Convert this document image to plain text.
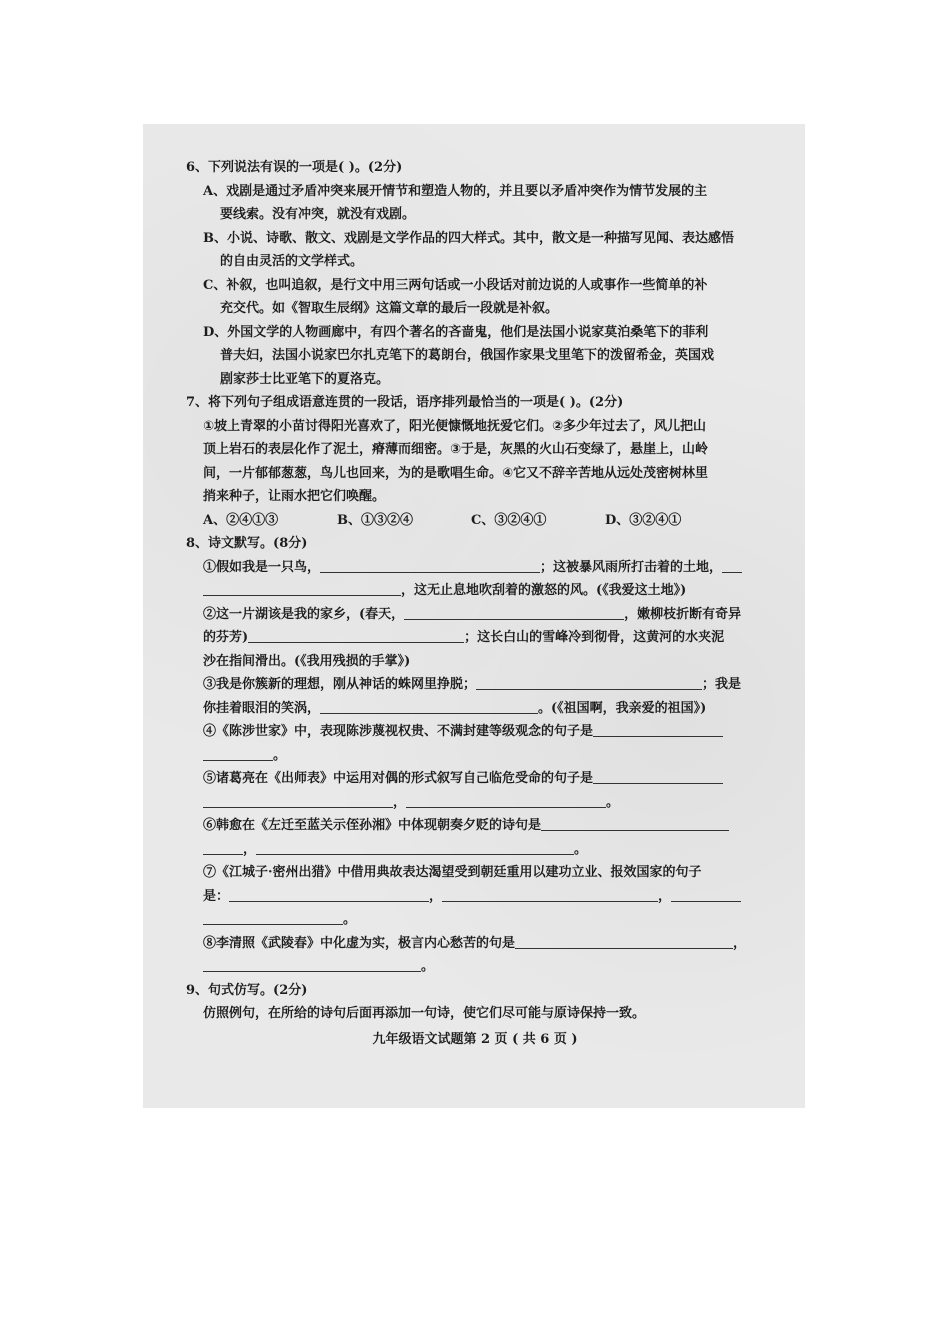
6、下列说法有误的一项是( )。(2分)
A、戏剧是通过矛盾冲突来展开情节和塑造人物的，并且要以矛盾冲突作为情节发展的主
要线索。没有冲突，就没有戏剧。
B、小说、诗歌、散文、戏剧是文学作品的四大样式。其中，散文是一种描写见闻、表达感悟
的自由灵活的文学样式。
C、补叙，也叫追叙，是行文中用三两句话或一小段话对前边说的人或事作一些简单的补
充交代。如《智取生辰纲》这篇文章的最后一段就是补叙。
D、外国文学的人物画廊中，有四个著名的吝啬鬼，他们是法国小说家莫泊桑笔下的菲利
普夫妇，法国小说家巴尔扎克笔下的葛朗台，俄国作家果戈里笔下的泼留希金，英国戏
剧家莎士比亚笔下的夏洛克。
7、将下列句子组成语意连贯的一段话，语序排列最恰当的一项是( )。(2分)
①坡上青翠的小苗讨得阳光喜欢了，阳光便慷慨地抚爱它们。②多少年过去了，风儿把山
顶上岩石的表层化作了泥土，瘠薄而细密。③于是，灰黑的火山石变绿了，悬崖上，山岭
间，一片郁郁葱葱，鸟儿也回来，为的是歌唱生命。④它又不辞辛苦地从远处茂密树林里
捎来种子，让雨水把它们唤醒。
A、②④①③	B、①③②④	C、③②④①	D、③②④①
8、诗文默写。(8分)
①假如我是一只鸟，	；这被暴风雨所打击着的土地，
，这无止息地吹刮着的激怒的风。(《我爱这土地》)
②这一片湖该是我的家乡，(春天，	，嫩柳枝折断有奇异
的芬芳)	；这长白山的雪峰冷到彻骨，这黄河的水夹泥
沙在指间滑出。(《我用残损的手掌》)
③我是你簇新的理想，刚从神话的蛛网里挣脱；	；我是
你挂着眼泪的笑涡，	。(《祖国啊，我亲爱的祖国》)
④《陈涉世家》中，表现陈涉蔑视权贵、不满封建等级观念的句子是
。
⑤诸葛亮在《出师表》中运用对偶的形式叙写自己临危受命的句子是
，	。
⑥韩愈在《左迁至蓝关示侄孙湘》中体现朝奏夕贬的诗句是
，	。
⑦《江城子·密州出猎》中借用典故表达渴望受到朝廷重用以建功立业、报效国家的句子
是：	，	，
。
⑧李清照《武陵春》中化虚为实，极言内心愁苦的句是	，
。
9、句式仿写。(2分)
仿照例句，在所给的诗句后面再添加一句诗，使它们尽可能与原诗保持一致。
九年级语文试题第 2 页 ( 共 6 页 )
